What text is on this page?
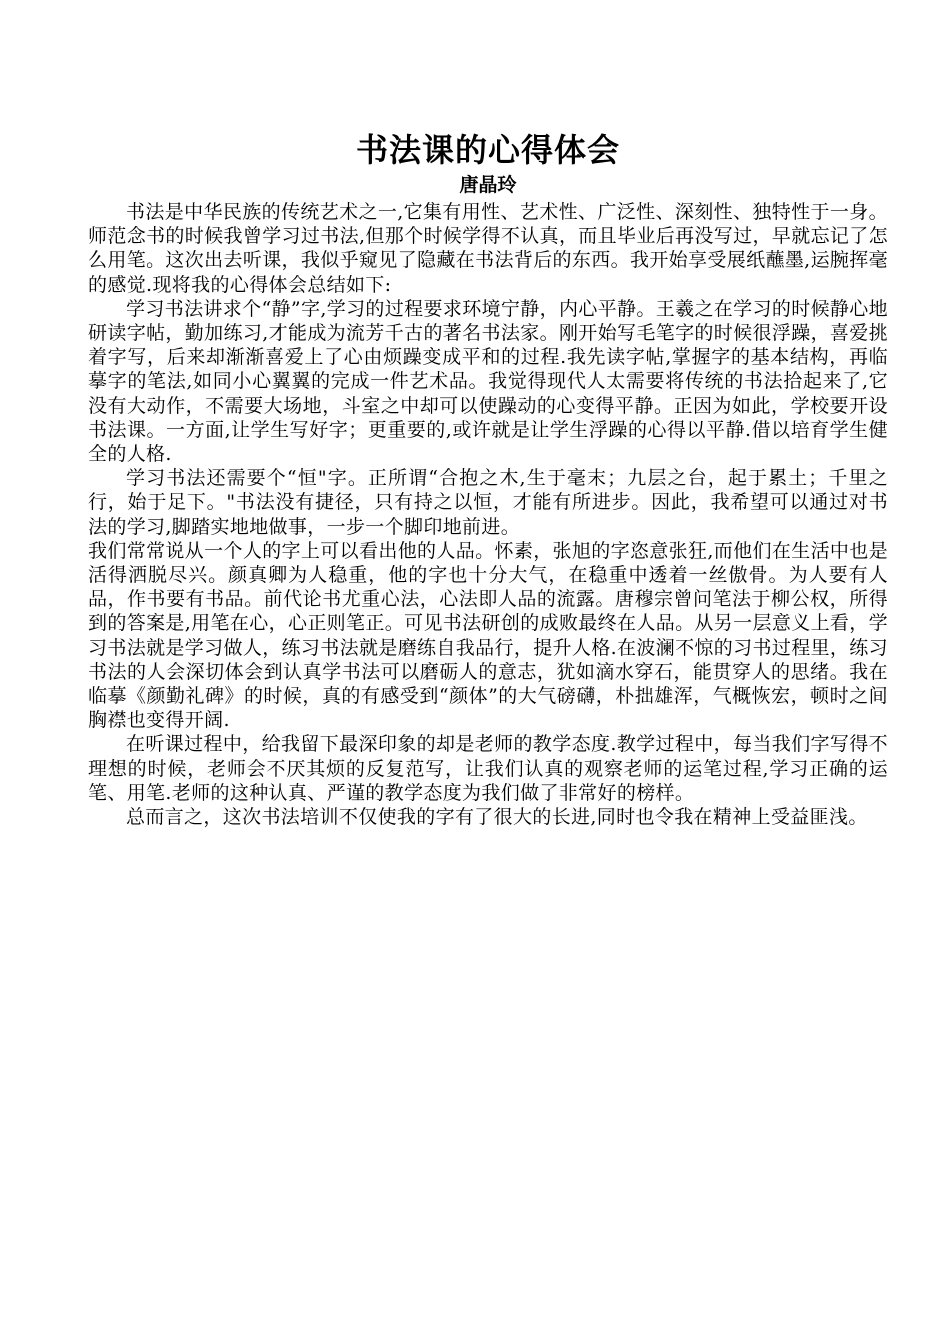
书法课的心得体会
唐晶玲

书法是中华民族的传统艺术之一,它集有用性、艺术性、广泛性、深刻性、独特性于一身。师范念书的时候我曾学习过书法,但那个时候学得不认真，而且毕业后再没写过，早就忘记了怎么用笔。这次出去听课，我似乎窥见了隐藏在书法背后的东西。我开始享受展纸蘸墨,运腕挥毫的感觉.现将我的心得体会总结如下:

学习书法讲求个“静”字,学习的过程要求环境宁静，内心平静。王羲之在学习的时候静心地研读字帖，勤加练习,才能成为流芳千古的著名书法家。刚开始写毛笔字的时候很浮躁，喜爱挑着字写，后来却渐渐喜爱上了心由烦躁变成平和的过程.我先读字帖,掌握字的基本结构，再临摹字的笔法,如同小心翼翼的完成一件艺术品。我觉得现代人太需要将传统的书法拾起来了,它没有大动作，不需要大场地，斗室之中却可以使躁动的心变得平静。正因为如此，学校要开设书法课。一方面,让学生写好字；更重要的,或许就是让学生浮躁的心得以平静.借以培育学生健全的人格.

学习书法还需要个“恒"字。正所谓“合抱之木,生于毫末；九层之台，起于累土；千里之行，始于足下。"书法没有捷径，只有持之以恒，才能有所进步。因此，我希望可以通过对书法的学习,脚踏实地地做事，一步一个脚印地前进。

我们常常说从一个人的字上可以看出他的人品。怀素，张旭的字恣意张狂,而他们在生活中也是活得洒脱尽兴。颜真卿为人稳重，他的字也十分大气，在稳重中透着一丝傲骨。为人要有人品，作书要有书品。前代论书尤重心法，心法即人品的流露。唐穆宗曾问笔法于柳公权，所得到的答案是,用笔在心，心正则笔正。可见书法研创的成败最终在人品。从另一层意义上看，学习书法就是学习做人，练习书法就是磨练自我品行，提升人格.在波澜不惊的习书过程里，练习书法的人会深切体会到认真学书法可以磨砺人的意志，犹如滴水穿石，能贯穿人的思绪。我在临摹《颜勤礼碑》的时候，真的有感受到“颜体”的大气磅礴，朴拙雄浑，气概恢宏，顿时之间胸襟也变得开阔.

在听课过程中，给我留下最深印象的却是老师的教学态度.教学过程中，每当我们字写得不理想的时候，老师会不厌其烦的反复范写，让我们认真的观察老师的运笔过程,学习正确的运笔、用笔.老师的这种认真、严谨的教学态度为我们做了非常好的榜样。

总而言之，这次书法培训不仅使我的字有了很大的长进,同时也令我在精神上受益匪浅。
